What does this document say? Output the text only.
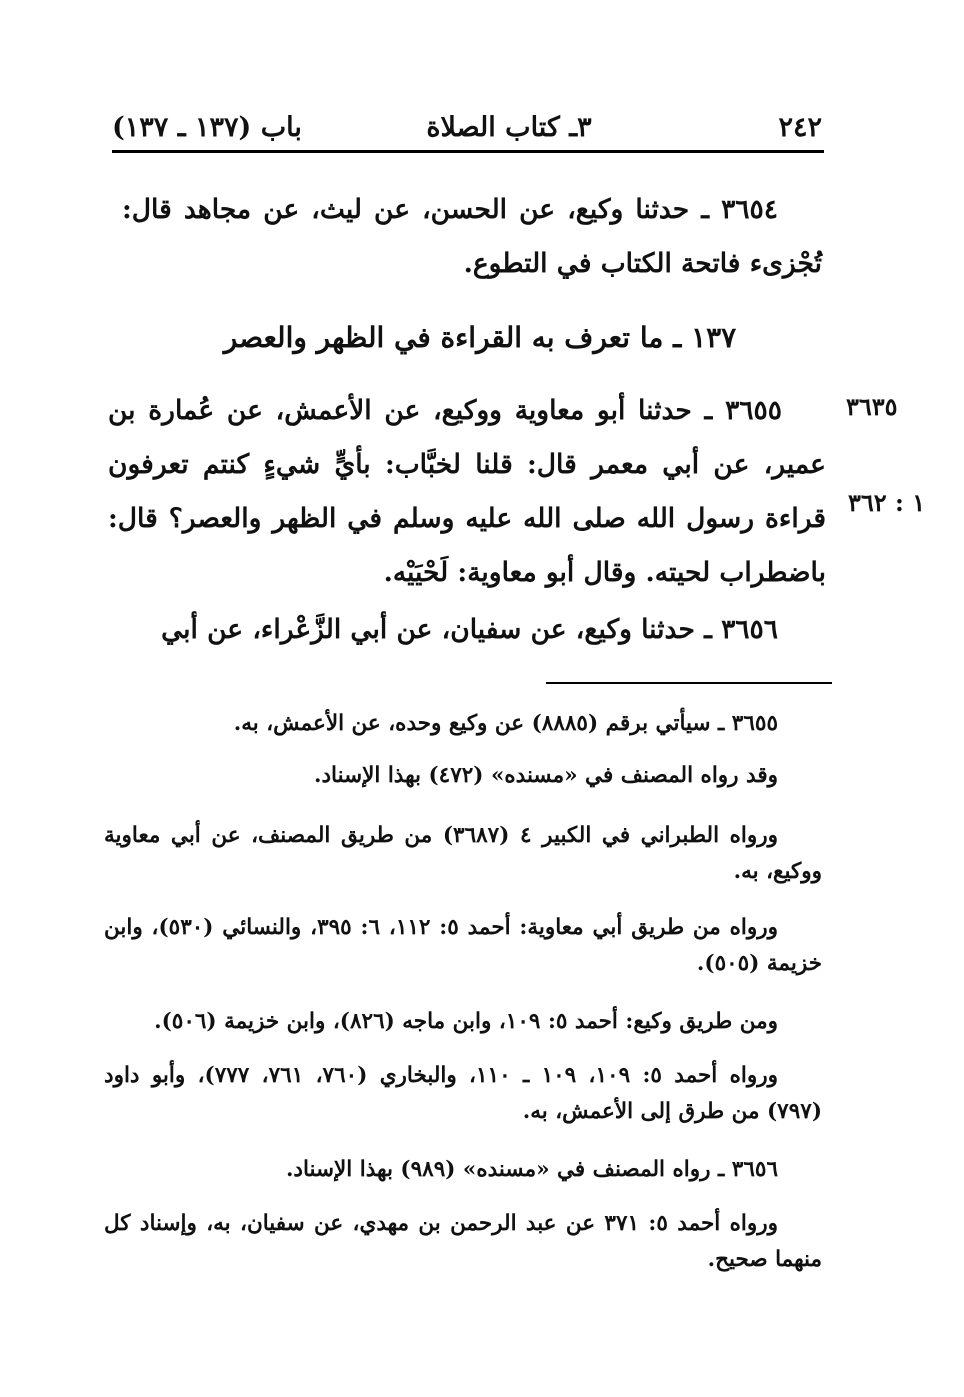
٢٤٢
٣ـ كتاب الصلاة
باب (١٣٧ ـ ١٣٧)
٣٦٥٤ ـ حدثنا وكيع، عن الحسن، عن ليث، عن مجاهد قال: تُجْزىء فاتحة الكتاب في التطوع.
١٣٧ ـ ما تعرف به القراءة في الظهر والعصر
٣٦٥٥ ـ حدثنا أبو معاوية ووكيع، عن الأعمش، عن عُمارة بن عمير، عن أبي معمر قال: قلنا لخبَّاب: بأيٍّ شيءٍ كنتم تعرفون قراءة رسول الله صلى الله عليه وسلم في الظهر والعصر؟ قال: باضطراب لحيته. وقال أبو معاوية: لَحْيَيْه.
٣٦٣٥
١ : ٣٦٢
٣٦٥٦ ـ حدثنا وكيع، عن سفيان، عن أبي الزَّعْراء، عن أبي
٣٦٥٥ ـ سيأتي برقم (٨٨٨٥) عن وكيع وحده، عن الأعمش، به.
وقد رواه المصنف في «مسنده» (٤٧٢) بهذا الإسناد.
ورواه الطبراني في الكبير ٤ (٣٦٨٧) من طريق المصنف، عن أبي معاوية ووكيع، به.
ورواه من طريق أبي معاوية: أحمد ٥: ١١٢، ٦: ٣٩٥، والنسائي (٥٣٠)، وابن خزيمة (٥٠٥).
ومن طريق وكيع: أحمد ٥: ١٠٩، وابن ماجه (٨٢٦)، وابن خزيمة (٥٠٦).
ورواه أحمد ٥: ١٠٩، ١٠٩ ـ ١١٠، والبخاري (٧٦٠، ٧٦١، ٧٧٧)، وأبو داود (٧٩٧) من طرق إلى الأعمش، به.
٣٦٥٦ ـ رواه المصنف في «مسنده» (٩٨٩) بهذا الإسناد.
ورواه أحمد ٥: ٣٧١ عن عبد الرحمن بن مهدي، عن سفيان، به، وإسناد كل منهما صحيح.
